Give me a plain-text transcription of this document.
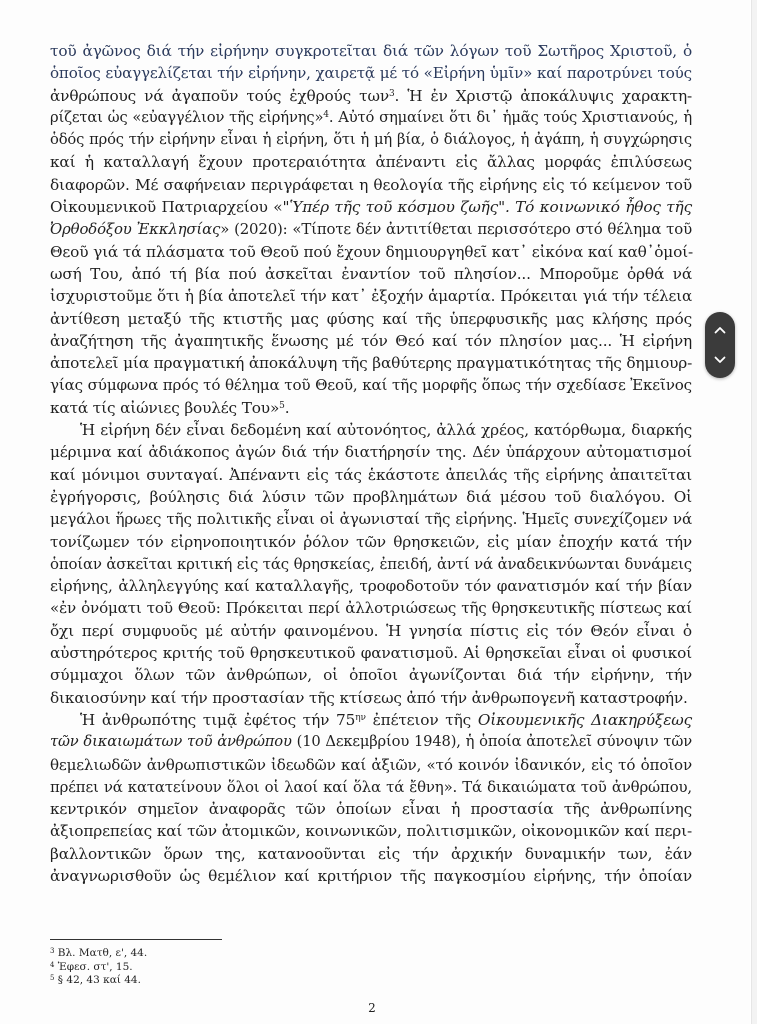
τοῦ ἀγῶνος διά τήν εἰρήνην συγκροτεῖται διά τῶν λόγων τοῦ Σωτῆρος Χριστοῦ, ὁ
ὁποῖος εὐαγγελίζεται τήν εἰρήνην, χαιρετᾷ μέ τό «Εἰρήνη ὑμῖν» καί παροτρύνει τούς
ἀνθρώπους νά ἀγαποῦν τούς ἐχθρούς των$^3$. Ἡ ἐν Χριστῷ ἀποκάλυψις χαρακτη-
ρίζεται ὡς «εὐαγγέλιον τῆς εἰρήνης»$^4$. Αὐτό σημαίνει ὅτι δι᾽ ἡμᾶς τούς Χριστιανούς, ἡ
ὁδός πρός τήν εἰρήνην εἶναι ἡ εἰρήνη, ὅτι ἡ μή βία, ὁ διάλογος, ἡ ἀγάπη, ἡ συγχώρησις
καί ἡ καταλλαγή ἔχουν προτεραιότητα ἀπέναντι εἰς ἄλλας μορφάς ἐπιλύσεως
διαφορῶν. Μέ σαφήνειαν περιγράφεται η θεολογία τῆς εἰρήνης εἰς τό κείμενον τοῦ
Οἰκουμενικοῦ Πατριαρχείου «"Ὑπέρ τῆς τοῦ κόσμου ζωῆς". Τό κοινωνικό ἦθος τῆς
Ὀρθοδόξου Ἐκκλησίας» (2020): «Τίποτε δέν ἀντιτίθεται περισσότερο στό θέλημα τοῦ
Θεοῦ γιά τά πλάσματα τοῦ Θεοῦ πού ἔχουν δημιουργηθεῖ κατ᾽ εἰκόνα καί καθ᾽ὁμοί-
ωσή Του, ἀπό τή βία πού ἀσκεῖται ἐναντίον τοῦ πλησίον... Μποροῦμε ὀρθά νά
ἰσχυριστοῦμε ὅτι ἡ βία ἀποτελεῖ τήν κατ᾽ ἐξοχήν ἁμαρτία. Πρόκειται γιά τήν τέλεια
ἀντίθεση μεταξύ τῆς κτιστῆς μας φύσης καί τῆς ὑπερφυσικῆς μας κλήσης πρός
ἀναζήτηση τῆς ἀγαπητικῆς ἕνωσης μέ τόν Θεό καί τόν πλησίον μας... Ἡ εἰρήνη
ἀποτελεῖ μία πραγματική ἀποκάλυψη τῆς βαθύτερης πραγματικότητας τῆς δημιουρ-
γίας σύμφωνα πρός τό θέλημα τοῦ Θεοῦ, καί τῆς μορφῆς ὅπως τήν σχεδίασε Ἐκεῖνος
κατά τίς αἰώνιες βουλές Του»$^5$.
Ἡ εἰρήνη δέν εἶναι δεδομένη καί αὐτονόητος, ἀλλά χρέος, κατόρθωμα, διαρκής
μέριμνα καί ἀδιάκοπος ἀγών διά τήν διατήρησίν της. Δέν ὑπάρχουν αὐτοματισμοί
καί μόνιμοι συνταγαί. Ἀπέναντι εἰς τάς ἑκάστοτε ἀπειλάς τῆς εἰρήνης ἀπαιτεῖται
ἐγρήγορσις, βούλησις διά λύσιν τῶν προβλημάτων διά μέσου τοῦ διαλόγου. Οἱ
μεγάλοι ἥρωες τῆς πολιτικῆς εἶναι οἱ ἀγωνισταί τῆς εἰρήνης. Ἡμεῖς συνεχίζομεν νά
τονίζωμεν τόν εἰρηνοποιητικόν ῥόλον τῶν θρησκειῶν, εἰς μίαν ἐποχήν κατά τήν
ὁποίαν ἀσκεῖται κριτική εἰς τάς θρησκείας, ἐπειδή, ἀντί νά ἀναδεικνύωνται δυνάμεις
εἰρήνης, ἀλληλεγγύης καί καταλλαγῆς, τροφοδοτοῦν τόν φανατισμόν καί τήν βίαν
«ἐν ὀνόματι τοῦ Θεοῦ: Πρόκειται περί ἀλλοτριώσεως τῆς θρησκευτικῆς πίστεως καί
ὄχι περί συμφυοῦς μέ αὐτήν φαινομένου. Ἡ γνησία πίστις εἰς τόν Θεόν εἶναι ὁ
αὐστηρότερος κριτής τοῦ θρησκευτικοῦ φανατισμοῦ. Αἱ θρησκεῖαι εἶναι οἱ φυσικοί
σύμμαχοι ὅλων τῶν ἀνθρώπων, οἱ ὁποῖοι ἀγωνίζονται διά τήν εἰρήνην, τήν
δικαιοσύνην καί τήν προστασίαν τῆς κτίσεως ἀπό τήν ἀνθρωπογενῆ καταστροφήν.
Ἡ ἀνθρωπότης τιμᾷ ἐφέτος τήν $75^{\eta\nu}$ ἐπέτειον τῆς Οἰκουμενικῆς Διακηρύξεως
τῶν δικαιωμάτων τοῦ ἀνθρώπου (10 Δεκεμβρίου 1948), ἡ ὁποία ἀποτελεῖ σύνοψιν τῶν
θεμελιωδῶν ἀνθρωπιστικῶν ἰδεωδῶν καί ἀξιῶν, «τό κοινόν ἰδανικόν, εἰς τό ὁποῖον
πρέπει νά κατατείνουν ὅλοι οἱ λαοί καί ὅλα τά ἔθνη». Τά δικαιώματα τοῦ ἀνθρώπου,
κεντρικόν σημεῖον ἀναφορᾶς τῶν ὁποίων εἶναι ἡ προστασία τῆς ἀνθρωπίνης
ἀξιοπρεπείας καί τῶν ἀτομικῶν, κοινωνικῶν, πολιτισμικῶν, οἰκονομικῶν καί περι-
βαλλοντικῶν ὅρων της, κατανοοῦνται εἰς τήν ἀρχικήν δυναμικήν των, ἐάν
ἀναγνωρισθοῦν ὡς θεμέλιον καί κριτήριον τῆς παγκοσμίου εἰρήνης, τήν ὁποίαν
$^3$ Βλ. Ματθ, ε', 44.
$^4$ Ἐφεσ. στ', 15.
$^5$ § 42, 43 καί 44.
2
